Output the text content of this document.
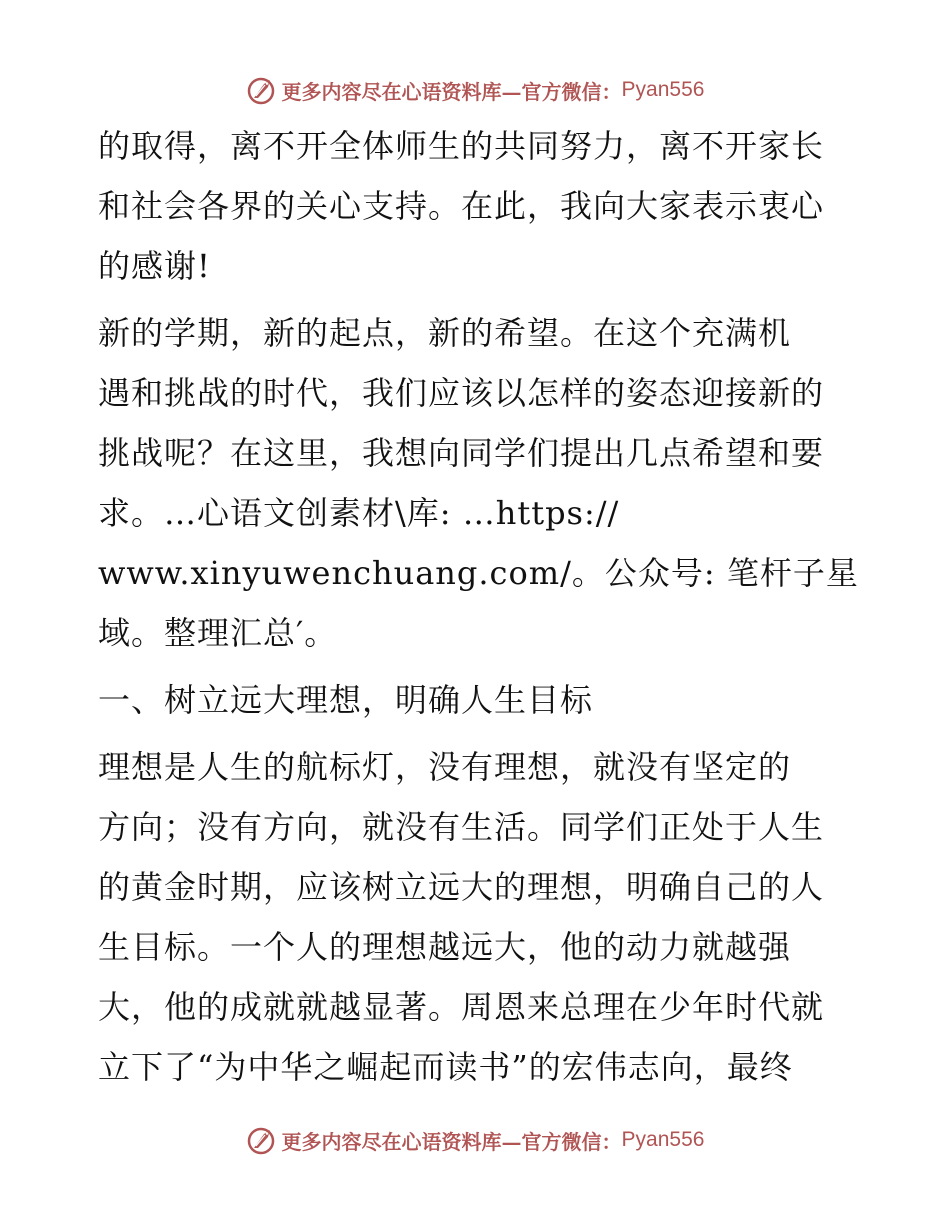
更多内容尽在心语资料库—官方微信： Pyan556
的取得，离不开全体师生的共同努力，离不开家长
和社会各界的关心支持。在此，我向大家表示衷心
的感谢!
新的学期，新的起点，新的希望。在这个充满机
遇和挑战的时代，我们应该以怎样的姿态迎接新的
挑战呢？在这里，我想向同学们提出几点希望和要
求。…心语文创素材\库: …https://
www.xinyuwenchuang.com/。公众号: 笔杆子星
域。整理汇总′。
一、树立远大理想，明确人生目标
理想是人生的航标灯，没有理想，就没有坚定的
方向；没有方向，就没有生活。同学们正处于人生
的黄金时期，应该树立远大的理想，明确自己的人
生目标。一个人的理想越远大，他的动力就越强
大，他的成就就越显著。周恩来总理在少年时代就
立下了“为中华之崛起而读书”的宏伟志向，最终
更多内容尽在心语资料库—官方微信： Pyan556
